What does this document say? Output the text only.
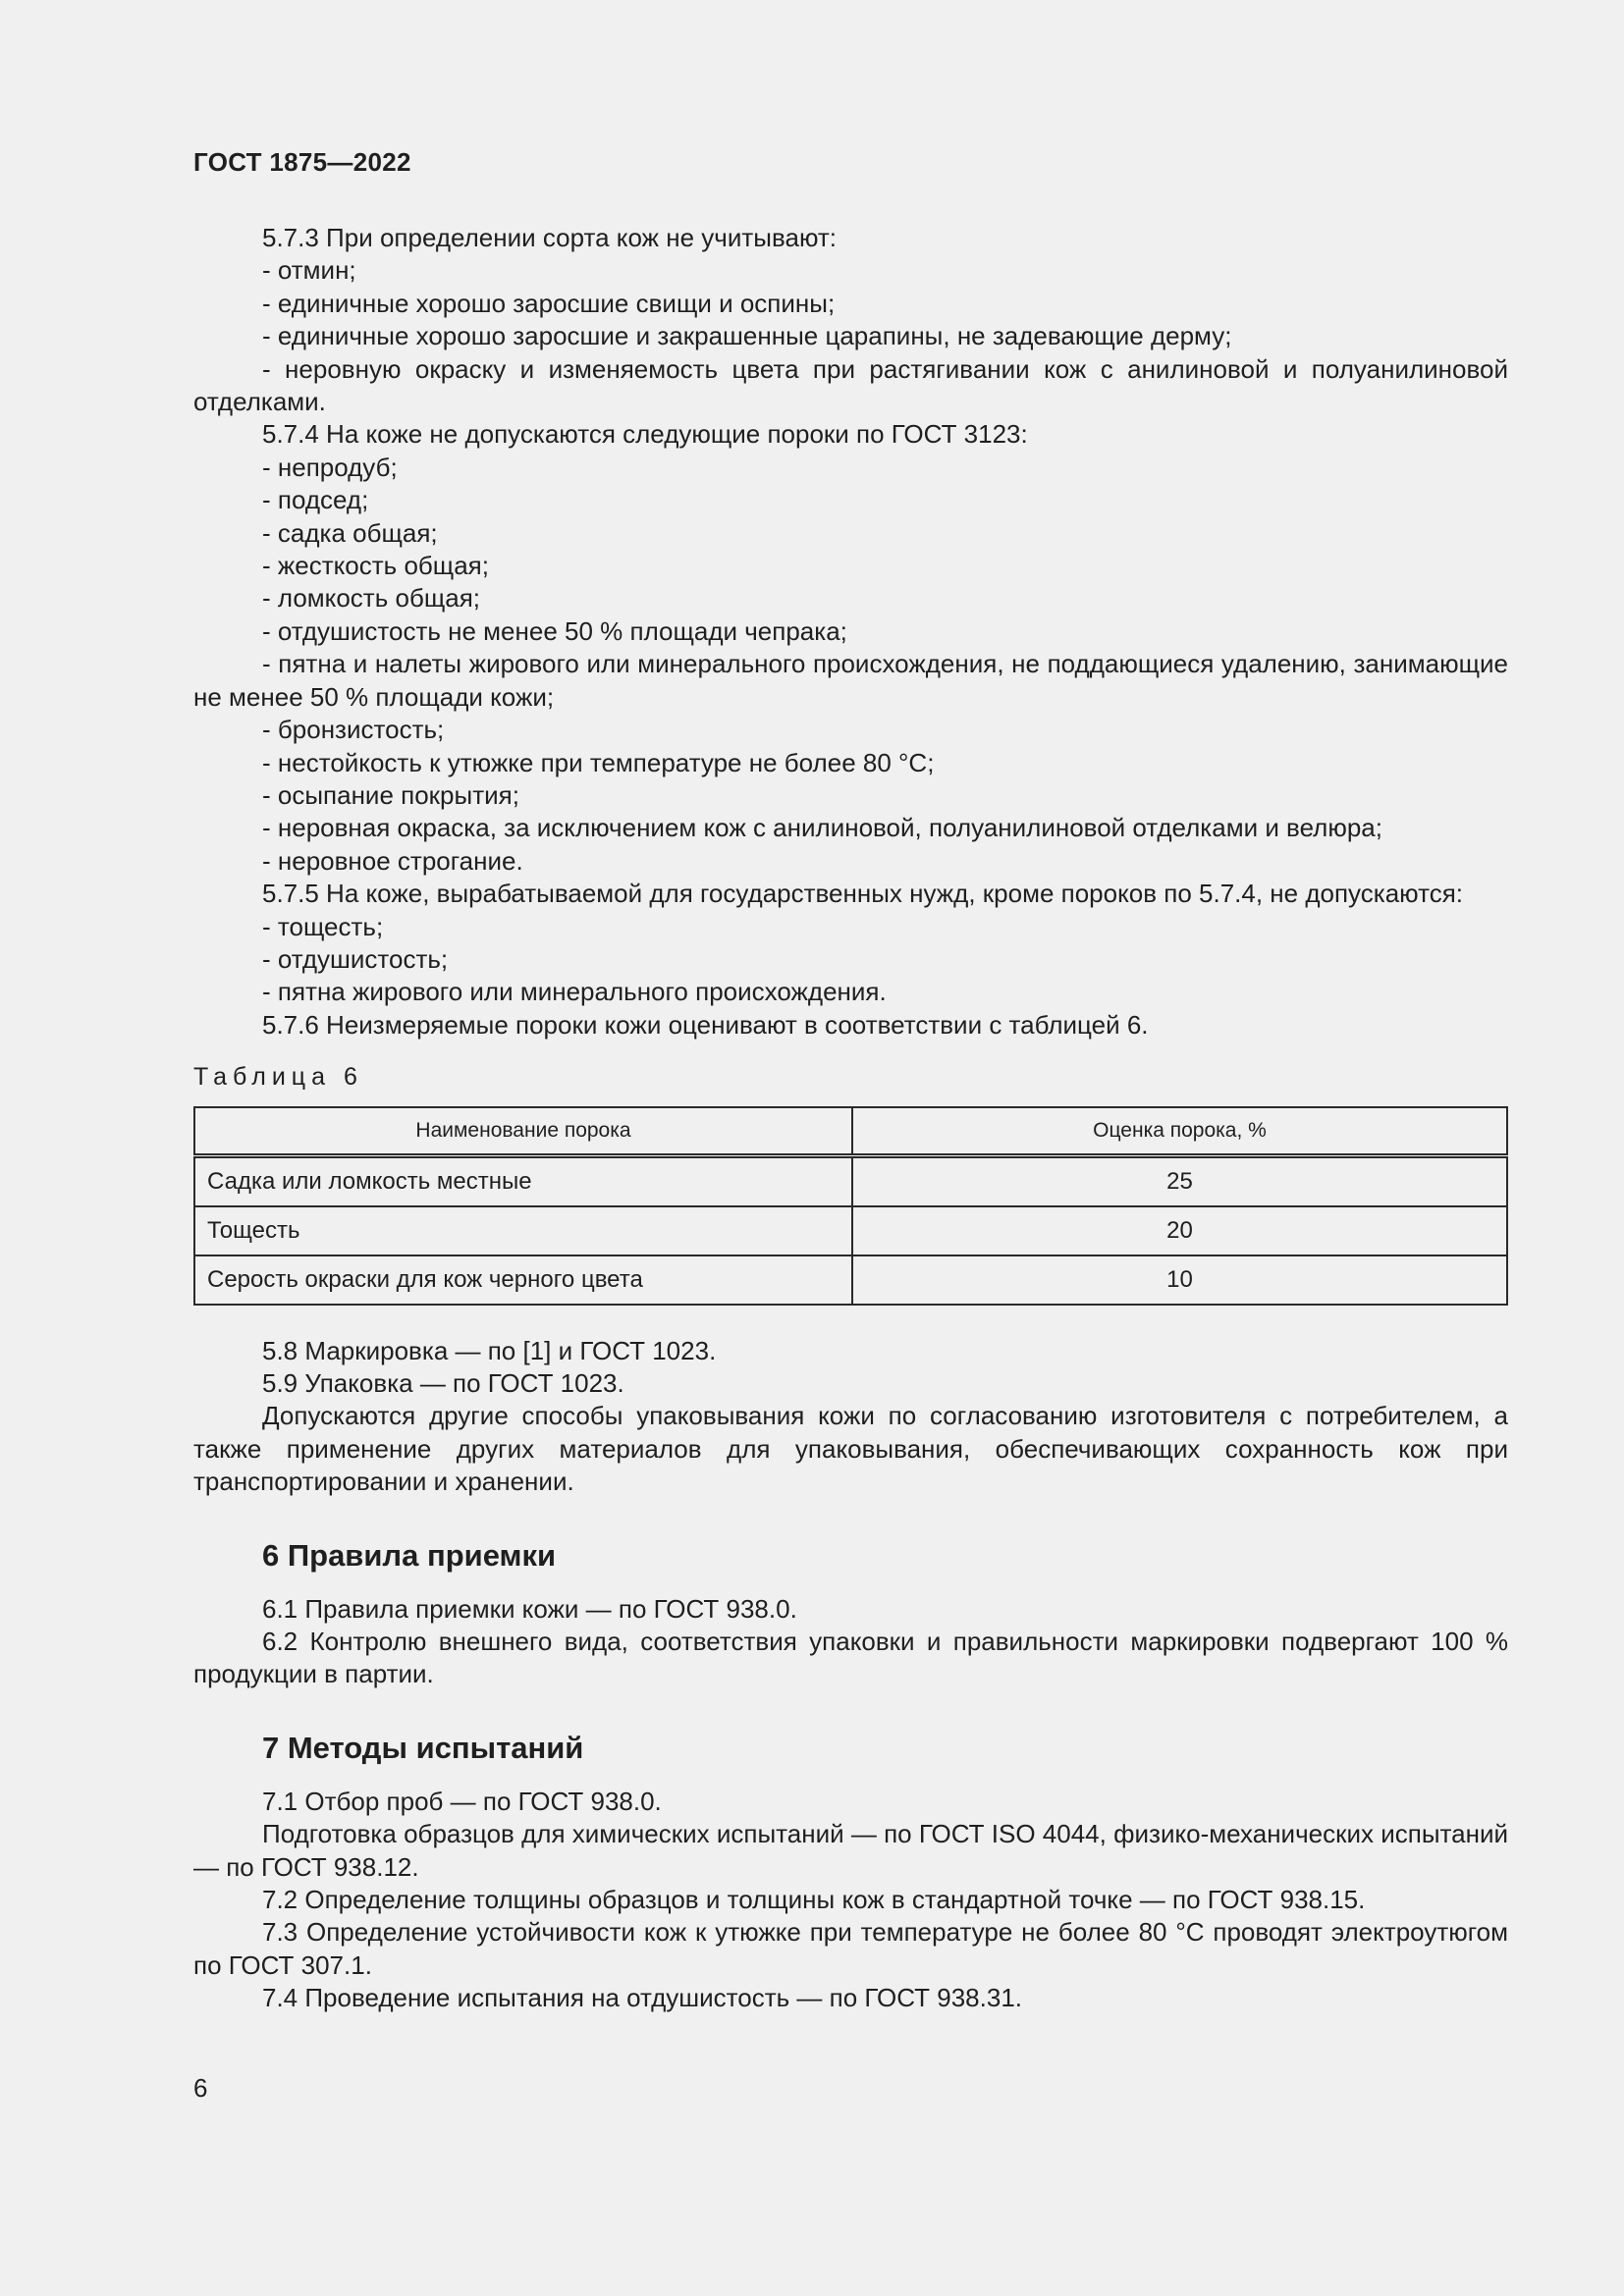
ГОСТ 1875—2022

5.7.3 При определении сорта кож не учитывают:

- отмин;

- единичные хорошо заросшие свищи и оспины;

- единичные хорошо заросшие и закрашенные царапины, не задевающие дерму;

- неровную окраску и изменяемость цвета при растягивании кож с анилиновой и полуанилиновой отделками.

5.7.4 На коже не допускаются следующие пороки по ГОСТ 3123:

- непродуб;

- подсед;

- садка общая;

- жесткость общая;

- ломкость общая;

- отдушистость не менее 50 % площади чепрака;

- пятна и налеты жирового или минерального происхождения, не поддающиеся удалению, занимающие не менее 50 % площади кожи;

- бронзистость;

- нестойкость к утюжке при температуре не более 80 °С;

- осыпание покрытия;

- неровная окраска, за исключением кож с анилиновой, полуанилиновой отделками и велюра;

- неровное строгание.

5.7.5 На коже, вырабатываемой для государственных нужд, кроме пороков по 5.7.4, не допускаются:

- тощесть;

- отдушистость;

- пятна жирового или минерального происхождения.

5.7.6 Неизмеряемые пороки кожи оценивают в соответствии с таблицей 6.

Таблица 6
Наименование порока	Оценка порока, %
Садка или ломкость местные	25
Тощесть	20
Серость окраски для кож черного цвета	10

5.8 Маркировка — по [1] и ГОСТ 1023.

5.9 Упаковка — по ГОСТ 1023.

Допускаются другие способы упаковывания кожи по согласованию изготовителя с потребителем, а также применение других материалов для упаковывания, обеспечивающих сохранность кож при транспортировании и хранении.

6 Правила приемки

6.1 Правила приемки кожи — по ГОСТ 938.0.

6.2 Контролю внешнего вида, соответствия упаковки и правильности маркировки подвергают 100 % продукции в партии.

7 Методы испытаний

7.1 Отбор проб — по ГОСТ 938.0.

Подготовка образцов для химических испытаний — по ГОСТ ISO 4044, физико-механических испытаний — по ГОСТ 938.12.

7.2 Определение толщины образцов и толщины кож в стандартной точке — по ГОСТ 938.15.

7.3 Определение устойчивости кож к утюжке при температуре не более 80 °С проводят электроутюгом по ГОСТ 307.1.

7.4 Проведение испытания на отдушистость — по ГОСТ 938.31.

6
